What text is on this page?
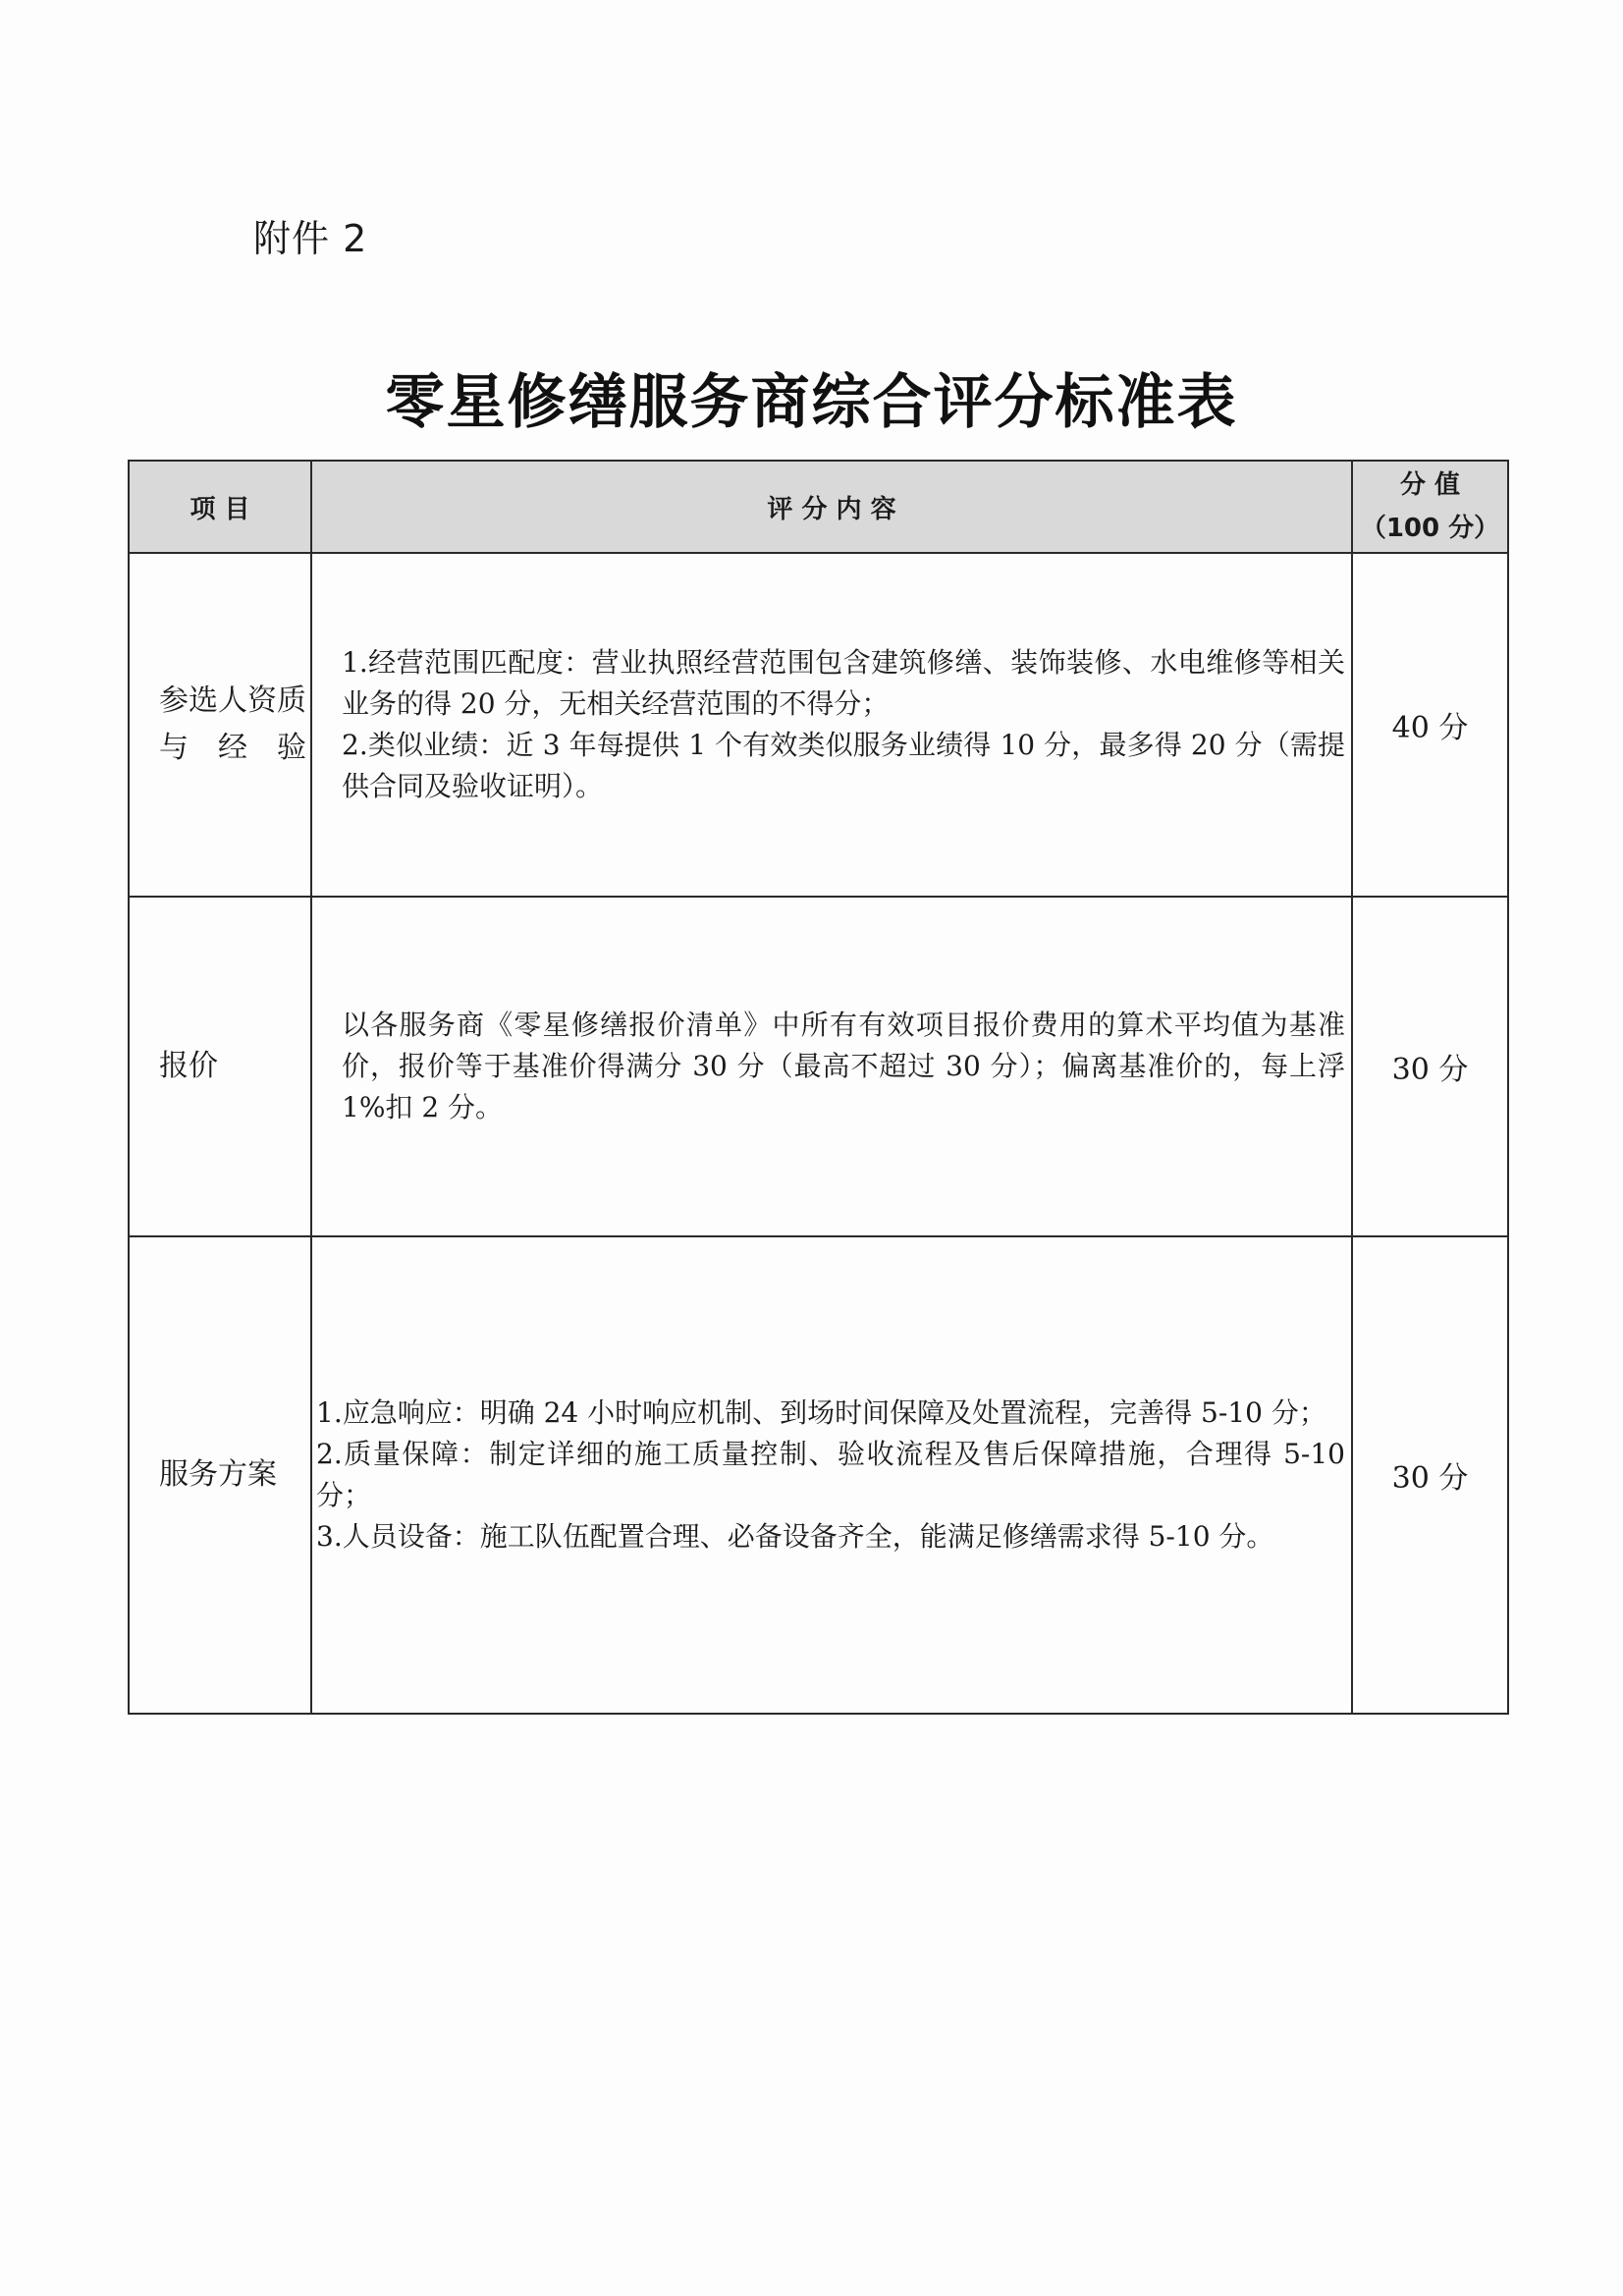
附件 2
零星修缮服务商综合评分标准表
项 目	评 分 内 容	分 值
（100 分）

参选人资质与经验	1.经营范围匹配度：营业执照经营范围包含建筑修缮、装饰装修、水电维修等相关业务的得 20 分，无相关经营范围的不得分；
2.类似业绩：近 3 年每提供 1 个有效类似服务业绩得 10 分，最多得 20 分（需提供合同及验收证明）。	40 分
报价	以各服务商《零星修缮报价清单》中所有有效项目报价费用的算术平均值为基准价，报价等于基准价得满分 30 分（最高不超过 30 分）；偏离基准价的，每上浮 1%扣 2 分。	30 分
服务方案	1.应急响应：明确 24 小时响应机制、到场时间保障及处置流程，完善得 5-10 分；
2.质量保障：制定详细的施工质量控制、验收流程及售后保障措施，合理得 5-10 分；
3.人员设备：施工队伍配置合理、必备设备齐全，能满足修缮需求得 5-10 分。	30 分
